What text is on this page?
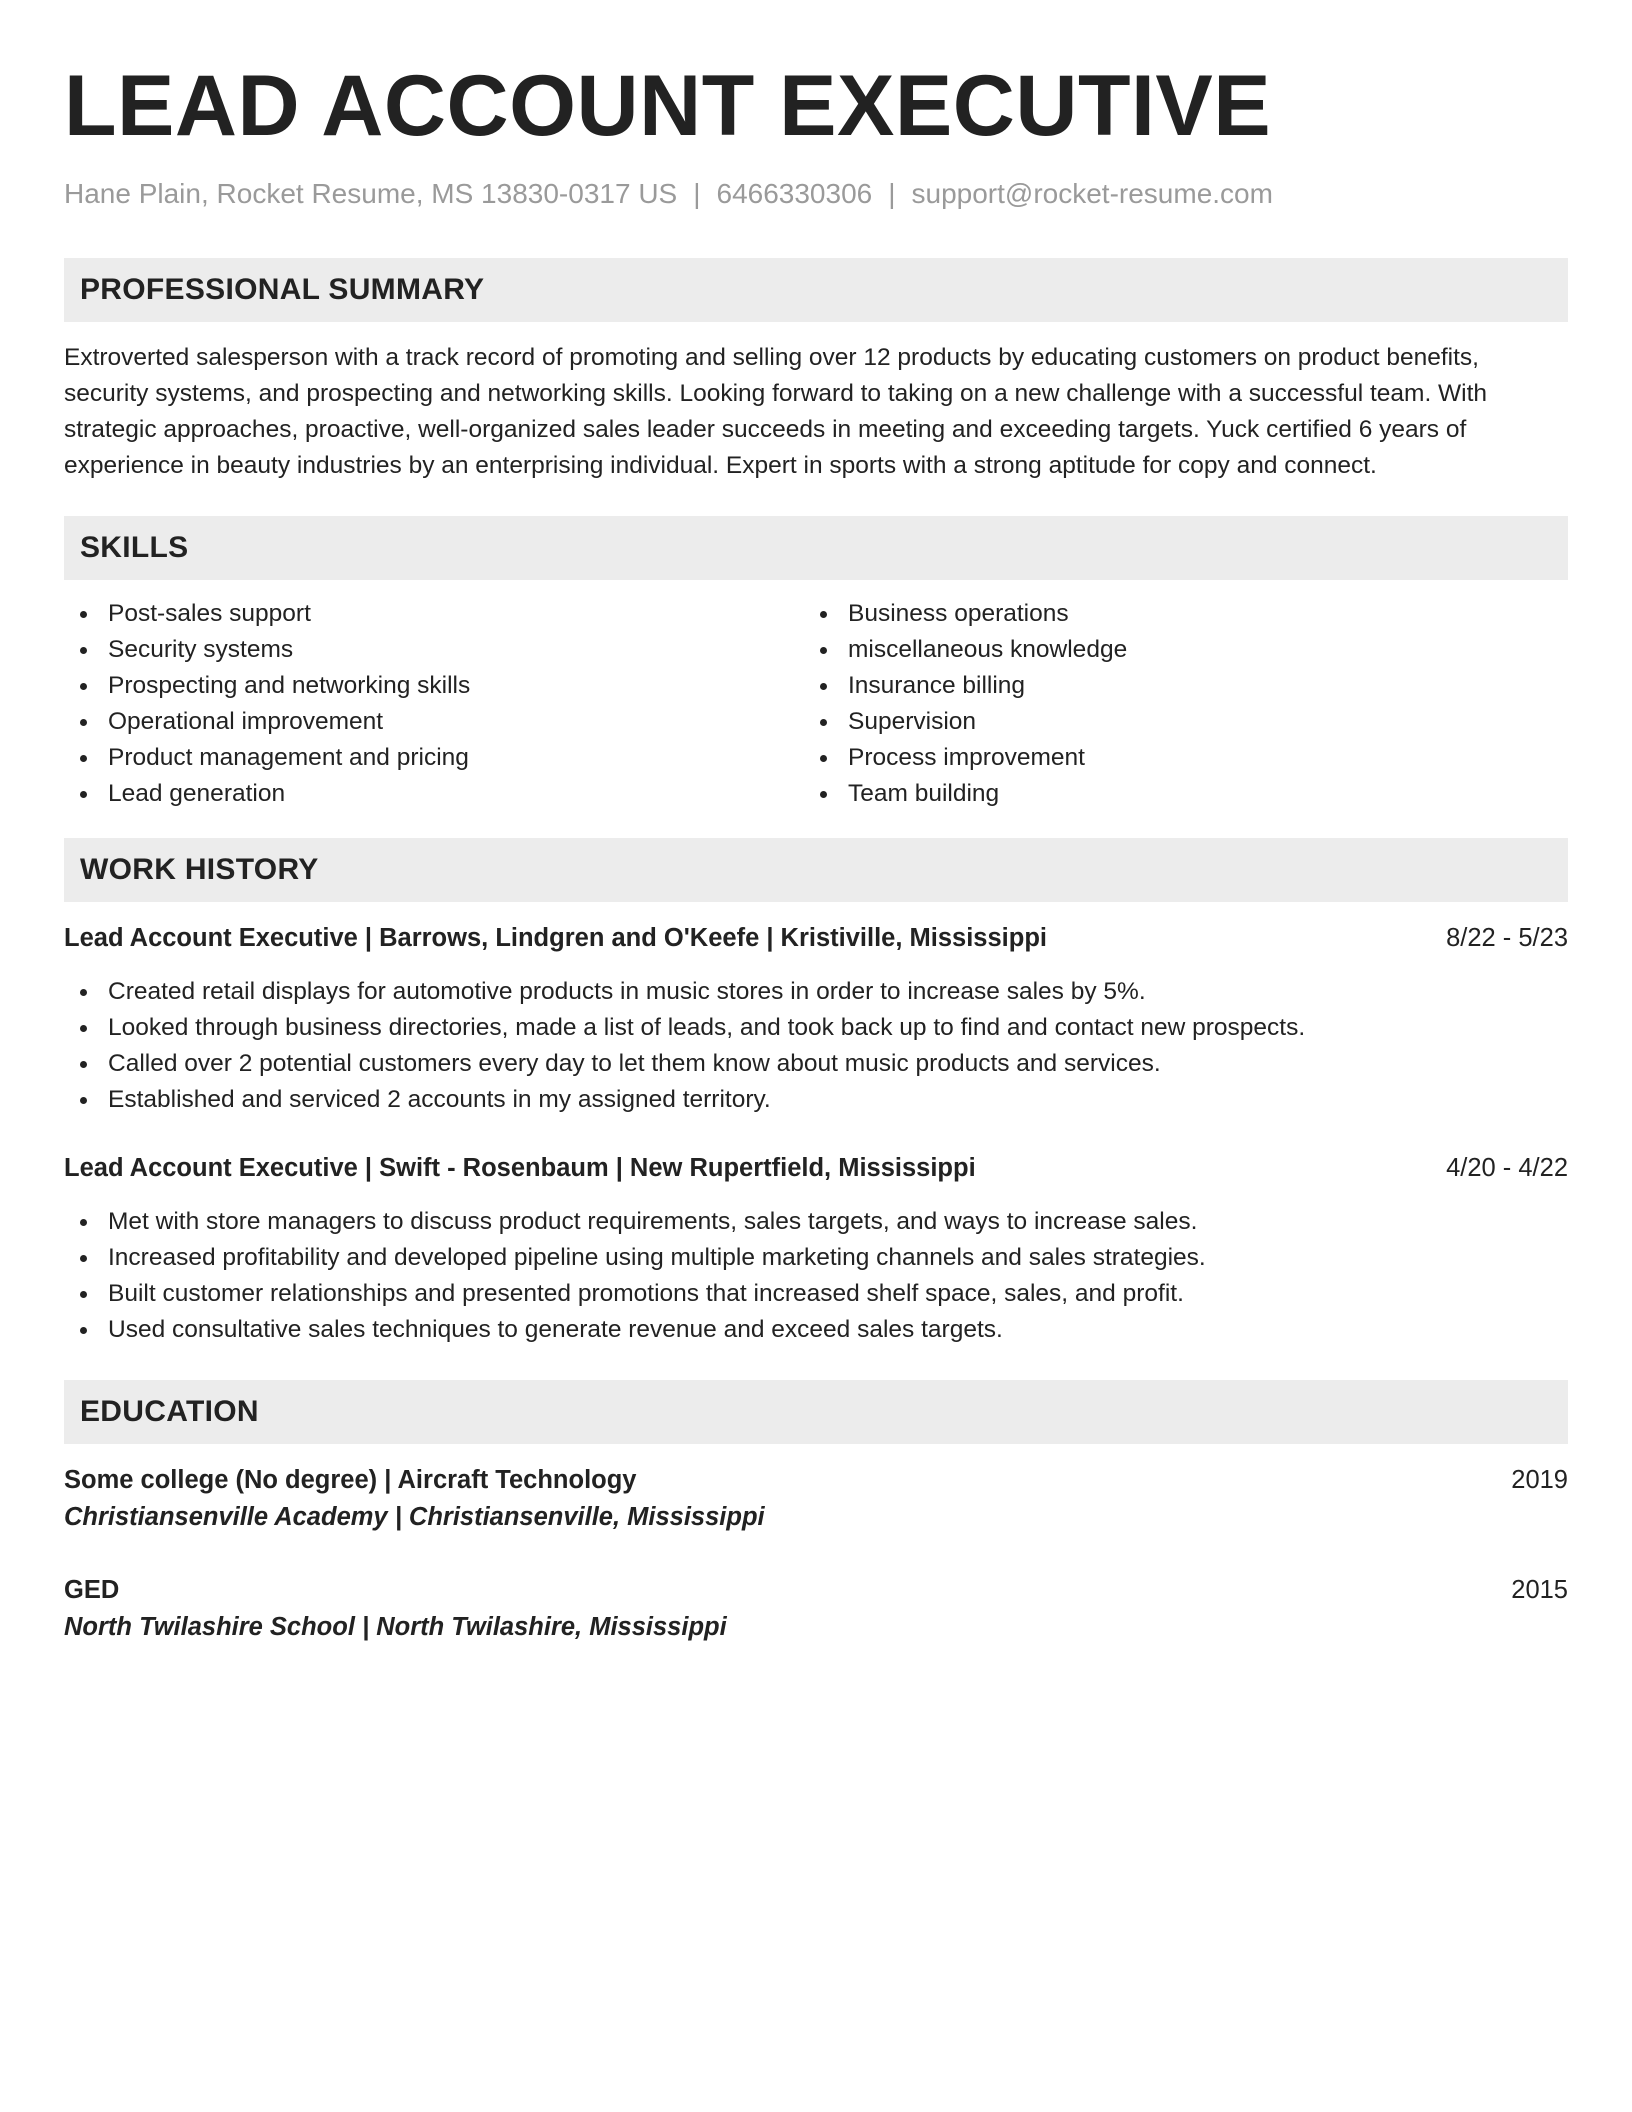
LEAD ACCOUNT EXECUTIVE
Hane Plain, Rocket Resume, MS 13830-0317 US | 6466330306 | support@rocket-resume.com
PROFESSIONAL SUMMARY
Extroverted salesperson with a track record of promoting and selling over 12 products by educating customers on product benefits, security systems, and prospecting and networking skills. Looking forward to taking on a new challenge with a successful team. With strategic approaches, proactive, well-organized sales leader succeeds in meeting and exceeding targets. Yuck certified 6 years of experience in beauty industries by an enterprising individual. Expert in sports with a strong aptitude for copy and connect.
SKILLS
Post-sales support
Security systems
Prospecting and networking skills
Operational improvement
Product management and pricing
Lead generation
Business operations
miscellaneous knowledge
Insurance billing
Supervision
Process improvement
Team building
WORK HISTORY
Lead Account Executive | Barrows, Lindgren and O'Keefe | Kristiville, Mississippi	8/22 - 5/23
Created retail displays for automotive products in music stores in order to increase sales by 5%.
Looked through business directories, made a list of leads, and took back up to find and contact new prospects.
Called over 2 potential customers every day to let them know about music products and services.
Established and serviced 2 accounts in my assigned territory.
Lead Account Executive | Swift - Rosenbaum | New Rupertfield, Mississippi	4/20 - 4/22
Met with store managers to discuss product requirements, sales targets, and ways to increase sales.
Increased profitability and developed pipeline using multiple marketing channels and sales strategies.
Built customer relationships and presented promotions that increased shelf space, sales, and profit.
Used consultative sales techniques to generate revenue and exceed sales targets.
EDUCATION
Some college (No degree) | Aircraft Technology	2019
Christiansenville Academy | Christiansenville, Mississippi
GED	2015
North Twilashire School | North Twilashire, Mississippi
